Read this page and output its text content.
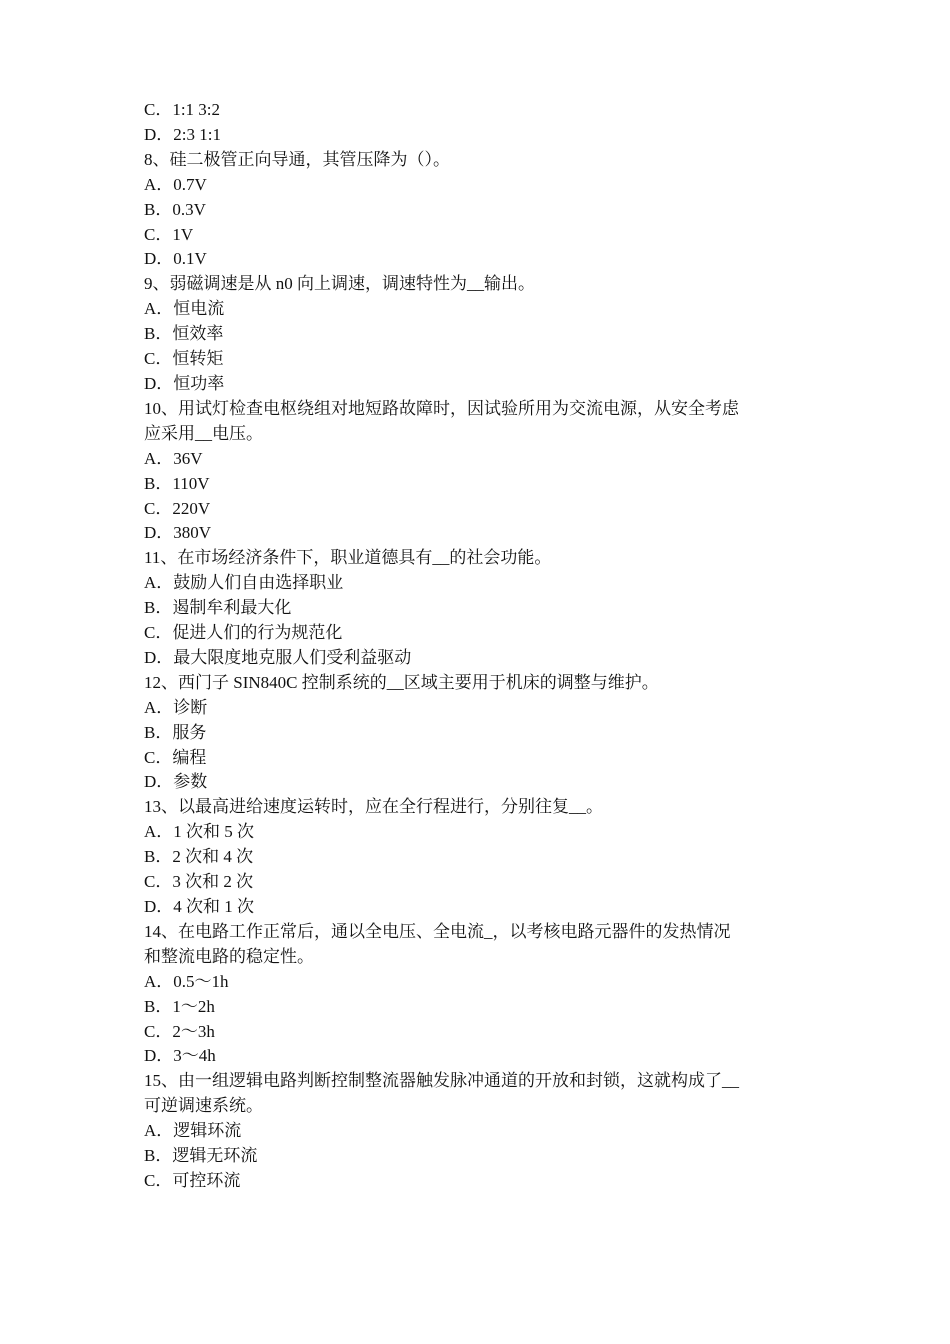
C．1:1 3:2
D．2:3 1:1
8、硅二极管正向导通，其管压降为（）。
A．0.7V
B．0.3V
C．1V
D．0.1V
9、弱磁调速是从 n0 向上调速，调速特性为__输出。
A．恒电流
B．恒效率
C．恒转矩
D．恒功率
10、用试灯检查电枢绕组对地短路故障时，因试验所用为交流电源，从安全考虑
应采用__电压。
A．36V
B．110V
C．220V
D．380V
11、在市场经济条件下，职业道德具有__的社会功能。
A．鼓励人们自由选择职业
B．遏制牟利最大化
C．促进人们的行为规范化
D．最大限度地克服人们受利益驱动
12、西门子 SIN840C 控制系统的__区域主要用于机床的调整与维护。
A．诊断
B．服务
C．编程
D．参数
13、以最高进给速度运转时，应在全行程进行，分别往复__。
A．1 次和 5 次
B．2 次和 4 次
C．3 次和 2 次
D．4 次和 1 次
14、在电路工作正常后，通以全电压、全电流_，以考核电路元器件的发热情况
和整流电路的稳定性。
A．0.5～1h
B．1～2h
C．2～3h
D．3～4h
15、由一组逻辑电路判断控制整流器触发脉冲通道的开放和封锁，这就构成了__
可逆调速系统。
A．逻辑环流
B．逻辑无环流
C．可控环流
